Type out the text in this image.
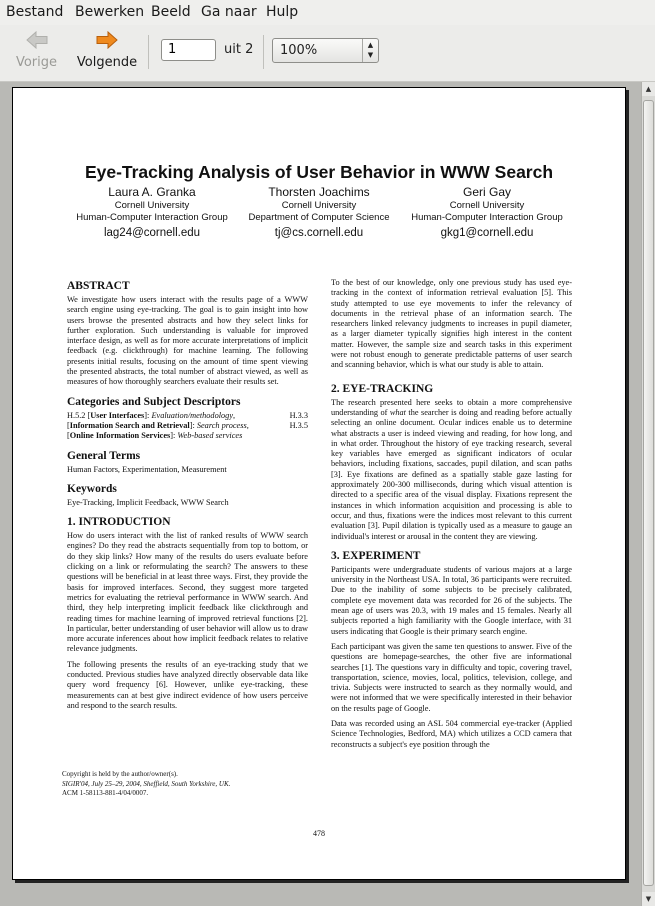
Bestand Bewerken Beeld Ga naar Hulp
Vorige Volgende
1	uit 2 100%	▲
▼
Eye-Tracking Analysis of User Behavior in WWW Search
Laura A. Granka
Cornell University
Human-Computer Interaction Group
lag24@cornell.edu
Thorsten Joachims
Cornell University
Department of Computer Science
tj@cs.cornell.edu
Geri Gay
Cornell University
Human-Computer Interaction Group
gkg1@cornell.edu
ABSTRACT

We investigate how users interact with the results page of a WWW search engine using eye-tracking. The goal is to gain insight into how users browse the presented abstracts and how they select links for further exploration. Such understanding is valuable for improved interface design, as well as for more accurate interpretations of implicit feedback (e.g. clickthrough) for machine learning. The following presents initial results, focusing on the amount of time spent viewing the presented abstracts, the total number of abstract viewed, as well as measures of how thoroughly searchers evaluate their results set.

Categories and Subject Descriptors

H.5.2 [User Interfaces]: Evaluation/methodology,	H.3.3

[Information Search and Retrieval]: Search process,	H.3.5

[Online Information Services]: Web-based services

General Terms

Human Factors, Experimentation, Measurement

Keywords

Eye-Tracking, Implicit Feedback, WWW Search

1. INTRODUCTION

How do users interact with the list of ranked results of WWW search engines? Do they read the abstracts sequentially from top to bottom, or do they skip links? How many of the results do users evaluate before clicking on a link or reformulating the search? The answers to these questions will be beneficial in at least three ways. First, they provide the basis for improved interfaces. Second, they suggest more targeted metrics for evaluating the retrieval performance in WWW search. And third, they help interpreting implicit feedback like clickthrough and reading times for machine learning of improved retrieval functions [2]. In particular, better understanding of user behavior will allow us to draw more accurate inferences about how implicit feedback relates to relative relevance judgments.

The following presents the results of an eye-tracking study that we conducted. Previous studies have analyzed directly observable data like query word frequency [6]. However, unlike eye-tracking, these measurements can at best give indirect evidence of how users perceive and respond to the search results.

Copyright is held by the author/owner(s).
SIGIR'04, July 25–29, 2004, Sheffield, South Yorkshire, UK.
ACM 1-58113-881-4/04/0007.

To the best of our knowledge, only one previous study has used eye-tracking in the context of information retrieval evaluation [5]. This study attempted to use eye movements to infer the relevancy of documents in the retrieval phase of an information search. The researchers linked relevancy judgments to increases in pupil diameter, as a larger diameter typically signifies high interest in the content matter. However, the sample size and search tasks in this experiment were not robust enough to generate predictable patterns of user search and scanning behavior, which is what our study is able to attain.

2. EYE-TRACKING

The research presented here seeks to obtain a more comprehensive understanding of what the searcher is doing and reading before actually selecting an online document. Ocular indices enable us to determine what abstracts a user is indeed viewing and reading, for how long, and in what order. Throughout the history of eye tracking research, several key variables have emerged as significant indicators of ocular behaviors, including fixations, saccades, pupil dilation, and scan paths [3]. Eye fixations are defined as a spatially stable gaze lasting for approximately 200-300 milliseconds, during which visual attention is directed to a specific area of the visual display. Fixations represent the instances in which information acquisition and processing is able to occur, and thus, fixations were the indices most relevant to this current evaluation [3]. Pupil dilation is typically used as a measure to gauge an individual's interest or arousal in the content they are viewing.

3. EXPERIMENT

Participants were undergraduate students of various majors at a large university in the Northeast USA. In total, 36 participants were recruited. Due to the inability of some subjects to be precisely calibrated, complete eye movement data was recorded for 26 of the subjects. The mean age of users was 20.3, with 19 males and 15 females. Nearly all subjects reported a high familiarity with the Google interface, with 31 users indicating that Google is their primary search engine.

Each participant was given the same ten questions to answer. Five of the questions are homepage-searches, the other five are informational searches [1]. The questions vary in difficulty and topic, covering travel, transportation, science, movies, local, politics, television, college, and trivia. Subjects were instructed to search as they normally would, and were not informed that we were specifically interested in their behavior on the results page of Google.

Data was recorded using an ASL 504 commercial eye-tracker (Applied Science Technologies, Bedford, MA) which utilizes a CCD camera that reconstructs a subject's eye position through the

478
▲
▼
